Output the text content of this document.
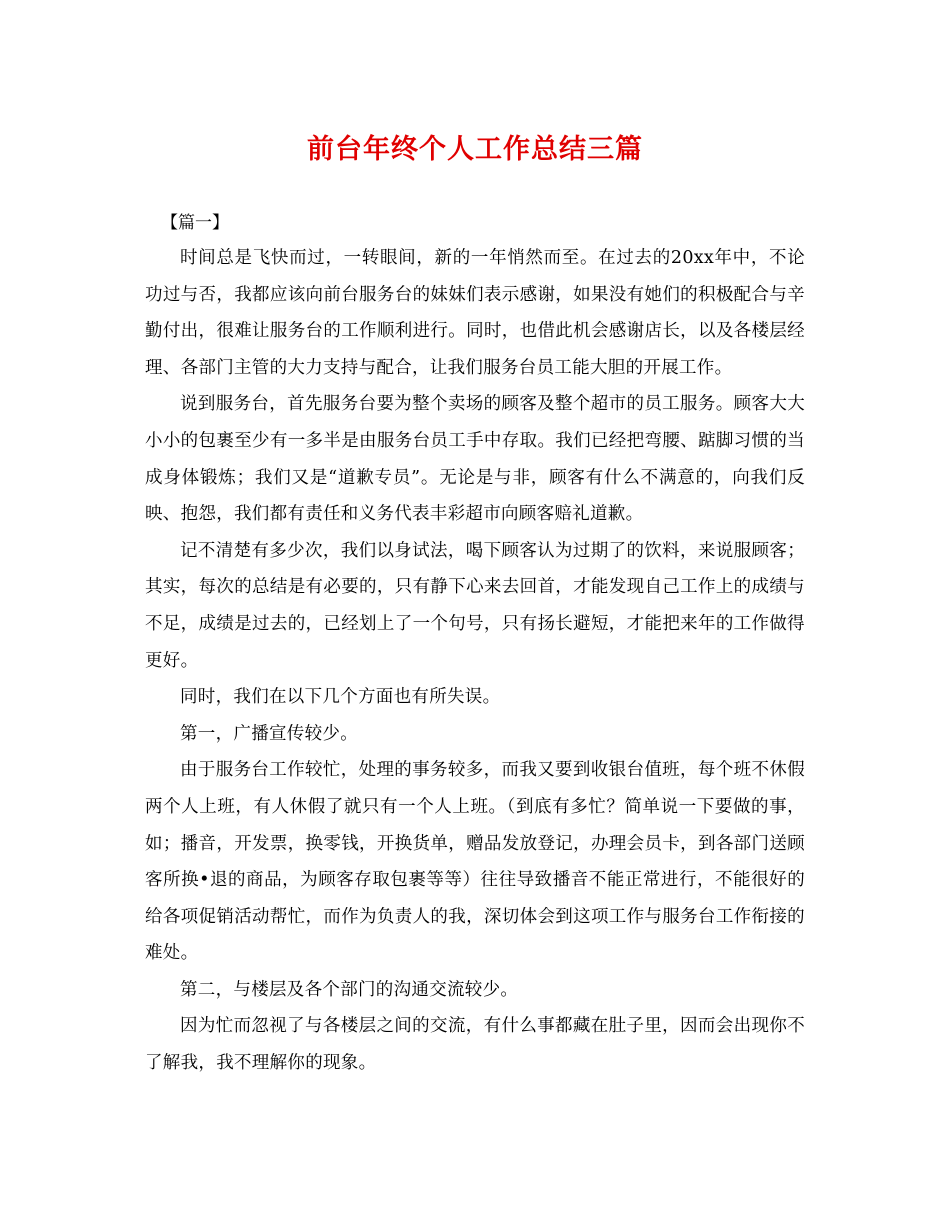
前台年终个人工作总结三篇
【篇一】

时间总是飞快而过，一转眼间，新的一年悄然而至。在过去的20xx年中，不论功过与否，我都应该向前台服务台的妹妹们表示感谢，如果没有她们的积极配合与辛勤付出，很难让服务台的工作顺利进行。同时，也借此机会感谢店长，以及各楼层经理、各部门主管的大力支持与配合，让我们服务台员工能大胆的开展工作。

说到服务台，首先服务台要为整个卖场的顾客及整个超市的员工服务。顾客大大小小的包裹至少有一多半是由服务台员工手中存取。我们已经把弯腰、踮脚习惯的当成身体锻炼；我们又是“道歉专员”。无论是与非，顾客有什么不满意的，向我们反映、抱怨，我们都有责任和义务代表丰彩超市向顾客赔礼道歉。

记不清楚有多少次，我们以身试法，喝下顾客认为过期了的饮料，来说服顾客；其实，每次的总结是有必要的，只有静下心来去回首，才能发现自己工作上的成绩与不足，成绩是过去的，已经划上了一个句号，只有扬长避短，才能把来年的工作做得更好。

同时，我们在以下几个方面也有所失误。

第一，广播宣传较少。

由于服务台工作较忙，处理的事务较多，而我又要到收银台值班，每个班不休假两个人上班，有人休假了就只有一个人上班。（到底有多忙？简单说一下要做的事，如；播音，开发票，换零钱，开换货单，赠品发放登记，办理会员卡，到各部门送顾客所换•退的商品，为顾客存取包裹等等）往往导致播音不能正常进行，不能很好的给各项促销活动帮忙，而作为负责人的我，深切体会到这项工作与服务台工作衔接的难处。

第二，与楼层及各个部门的沟通交流较少。

因为忙而忽视了与各楼层之间的交流，有什么事都藏在肚子里，因而会出现你不了解我，我不理解你的现象。
